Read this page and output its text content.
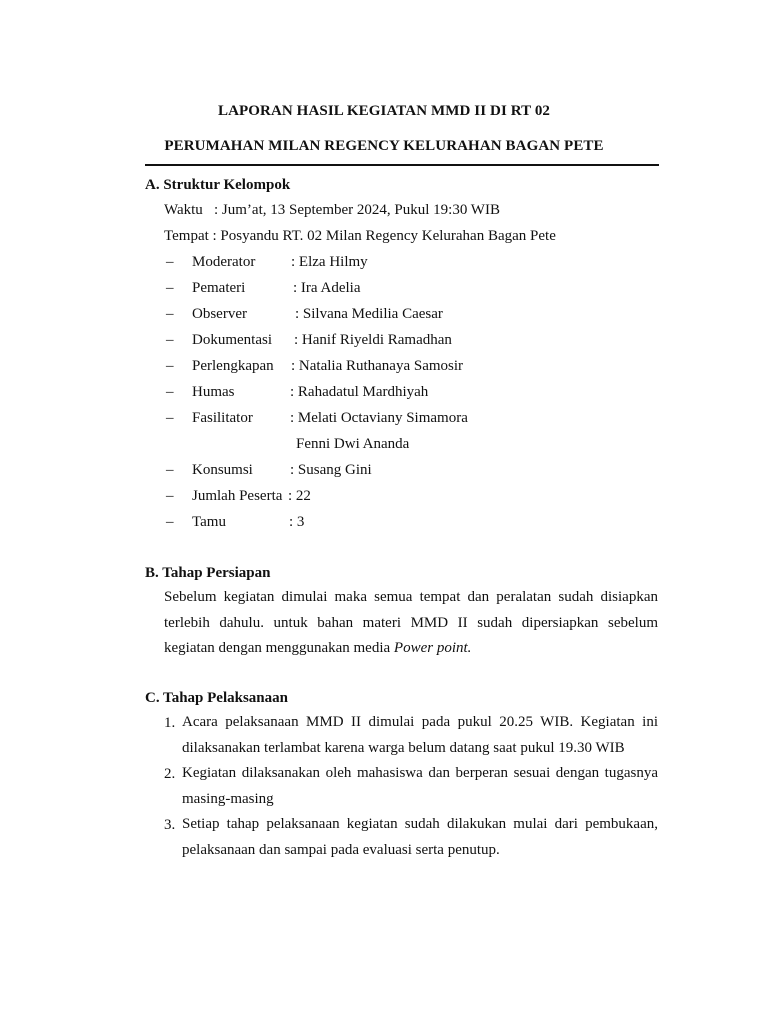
LAPORAN HASIL KEGIATAN MMD II DI RT 02
PERUMAHAN MILAN REGENCY KELURAHAN BAGAN PETE
A. Struktur Kelompok
Waktu : Jum’at, 13 September 2024, Pukul 19:30 WIB
Tempat : Posyandu RT. 02 Milan Regency Kelurahan Bagan Pete
– Moderator : Elza Hilmy
– Pemateri	: Ira Adelia
– Observer	: Silvana Medilia Caesar
– Dokumentasi : Hanif Riyeldi Ramadhan
– Perlengkapan : Natalia Ruthanaya Samosir
– Humas	: Rahadatul Mardhiyah
– Fasilitator : Melati Octaviany Simamora
Fenni Dwi Ananda
– Konsumsi : Susang Gini
– Jumlah Peserta : 22
– Tamu	: 3
B. Tahap Persiapan
Sebelum kegiatan dimulai maka semua tempat dan peralatan sudah disiapkan terlebih dahulu. untuk bahan materi MMD II sudah dipersiapkan sebelum kegiatan dengan menggunakan media Power point.
C. Tahap Pelaksanaan
1. Acara pelaksanaan MMD II dimulai pada pukul 20.25 WIB. Kegiatan ini dilaksanakan terlambat karena warga belum datang saat pukul 19.30 WIB
2. Kegiatan dilaksanakan oleh mahasiswa dan berperan sesuai dengan tugasnya masing-masing
3. Setiap tahap pelaksanaan kegiatan sudah dilakukan mulai dari pembukaan, pelaksanaan dan sampai pada evaluasi serta penutup.
